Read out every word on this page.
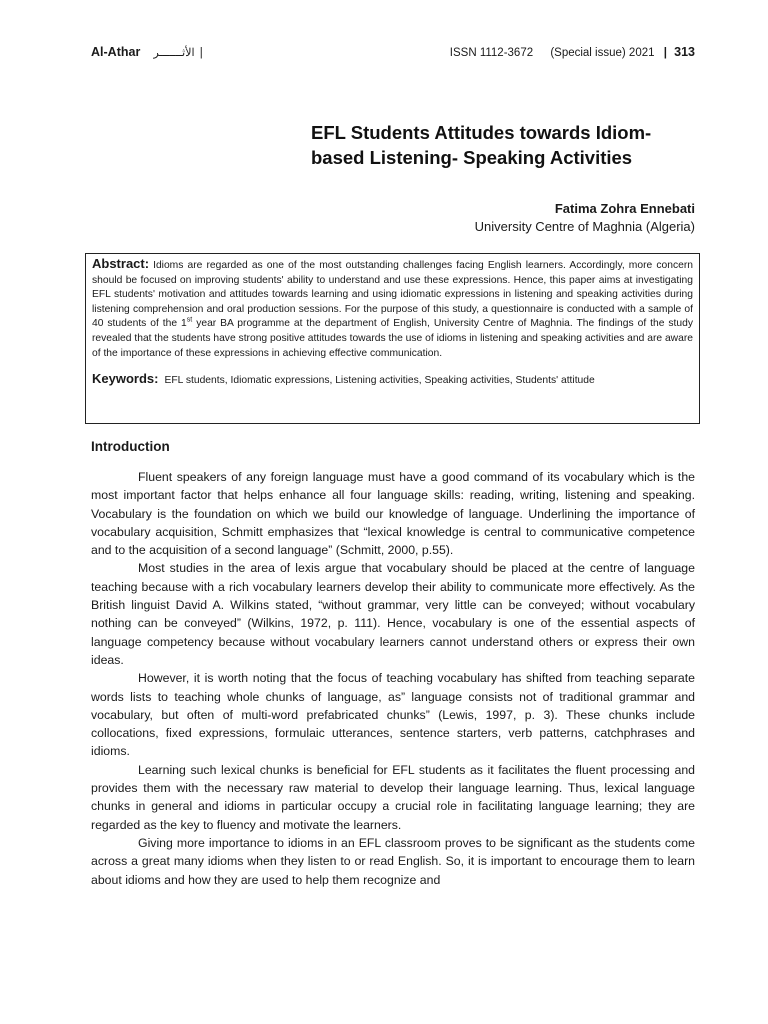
Al-Athar الأثـــــــر |	ISSN 1112-3672 (Special issue) 2021 | 313
EFL Students Attitudes towards Idiom-
based Listening- Speaking Activities
Fatima Zohra Ennebati
University Centre of Maghnia (Algeria)

Abstract: Idioms are regarded as one of the most outstanding challenges facing English learners. Accordingly, more concern should be focused on improving students' ability to understand and use these expressions. Hence, this paper aims at investigating EFL students' motivation and attitudes towards learning and using idiomatic expressions in listening and speaking activities during listening comprehension and oral production sessions. For the purpose of this study, a questionnaire is conducted with a sample of 40 students of the 1st year BA programme at the department of English, University Centre of Maghnia. The findings of the study revealed that the students have strong positive attitudes towards the use of idioms in listening and speaking activities and are aware of the importance of these expressions in achieving effective communication.

Keywords: EFL students, Idiomatic expressions, Listening activities, Speaking activities, Students' attitude
Introduction

Fluent speakers of any foreign language must have a good command of its vocabulary which is the most important factor that helps enhance all four language skills: reading, writing, listening and speaking. Vocabulary is the foundation on which we build our knowledge of language. Underlining the importance of vocabulary acquisition, Schmitt emphasizes that “lexical knowledge is central to communicative competence and to the acquisition of a second language” (Schmitt, 2000, p.55).

Most studies in the area of lexis argue that vocabulary should be placed at the centre of language teaching because with a rich vocabulary learners develop their ability to communicate more effectively. As the British linguist David A. Wilkins stated, “without grammar, very little can be conveyed; without vocabulary nothing can be conveyed” (Wilkins, 1972, p. 111). Hence, vocabulary is one of the essential aspects of language competency because without vocabulary learners cannot understand others or express their own ideas.

However, it is worth noting that the focus of teaching vocabulary has shifted from teaching separate words lists to teaching whole chunks of language, as” language consists not of traditional grammar and vocabulary, but often of multi-word prefabricated chunks” (Lewis, 1997, p. 3). These chunks include collocations, fixed expressions, formulaic utterances, sentence starters, verb patterns, catchphrases and idioms.

Learning such lexical chunks is beneficial for EFL students as it facilitates the fluent processing and provides them with the necessary raw material to develop their language learning. Thus, lexical language chunks in general and idioms in particular occupy a crucial role in facilitating language learning; they are regarded as the key to fluency and motivate the learners.

Giving more importance to idioms in an EFL classroom proves to be significant as the students come across a great many idioms when they listen to or read English. So, it is important to encourage them to learn about idioms and how they are used to help them recognize and
